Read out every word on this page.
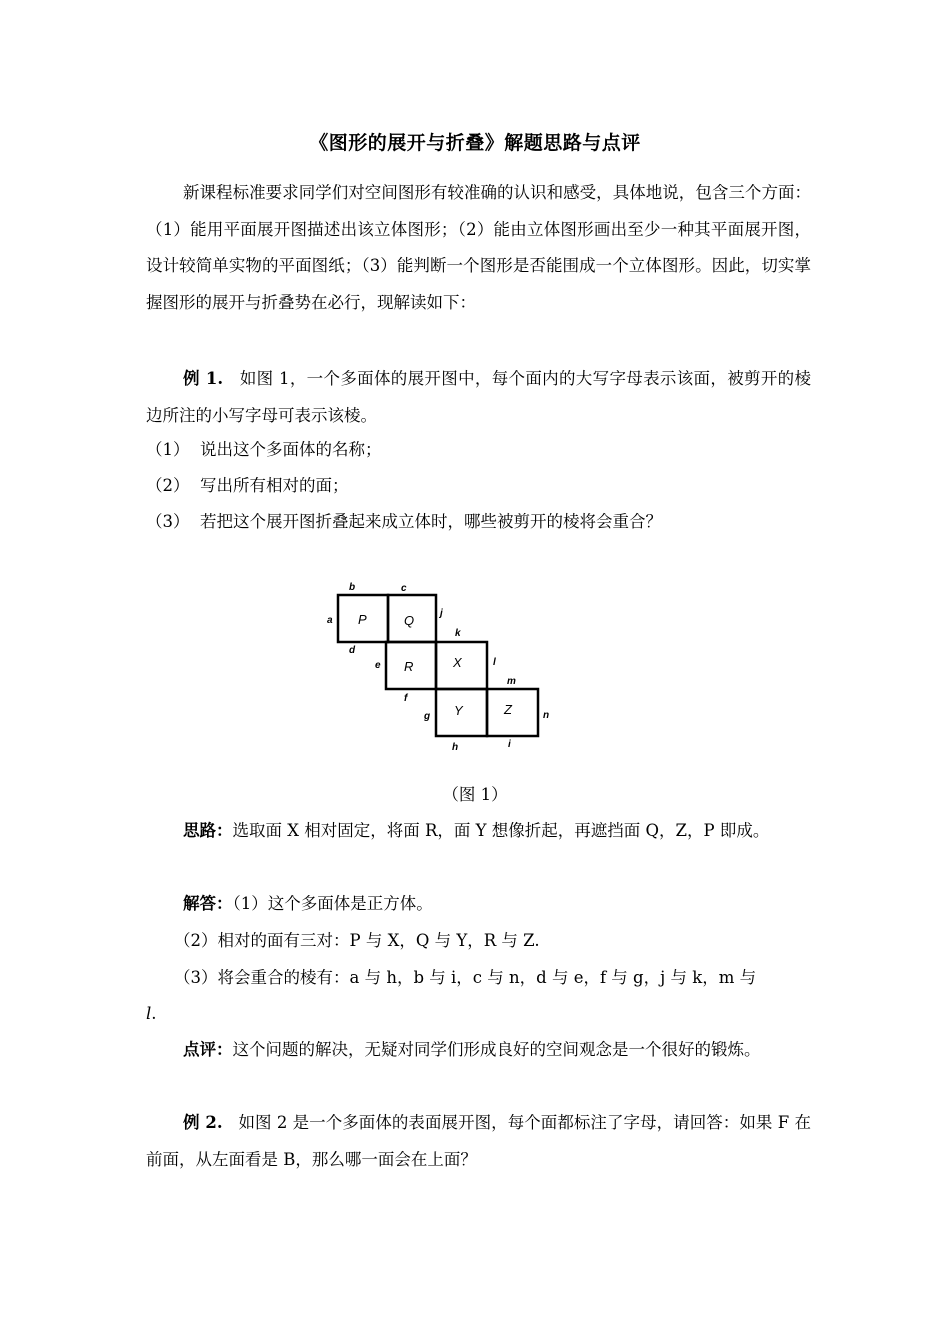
《图形的展开与折叠》解题思路与点评
新课程标准要求同学们对空间图形有较准确的认识和感受，具体地说，包含三个方面：（1）能用平面展开图描述出该立体图形；（2）能由立体图形画出至少一种其平面展开图，设计较简单实物的平面图纸；（3）能判断一个图形是否能围成一个立体图形。因此，切实掌握图形的展开与折叠势在必行，现解读如下：
例 1. 如图 1，一个多面体的展开图中，每个面内的大写字母表示该面，被剪开的棱边所注的小写字母可表示该棱。
（1） 说出这个多面体的名称；
（2） 写出所有相对的面；
（3） 若把这个展开图折叠起来成立体时，哪些被剪开的棱将会重合？
P	Q
R	X
Y	Z
a
b	c
d
e
f
g
h	i
j
k
l
m
n
（图 1）
思路：选取面 X 相对固定，将面 R，面 Y 想像折起，再遮挡面 Q，Z，P 即成。
解答：（1）这个多面体是正方体。
（2）相对的面有三对：P 与 X，Q 与 Y，R 与 Z.
（3）将会重合的棱有：a 与 h，b 与 i，c 与 n，d 与 e，f 与 g，j 与 k，m 与
l.
点评：这个问题的解决，无疑对同学们形成良好的空间观念是一个很好的锻炼。
例 2. 如图 2 是一个多面体的表面展开图，每个面都标注了字母，请回答：如果 F 在前面，从左面看是 B，那么哪一面会在上面？
